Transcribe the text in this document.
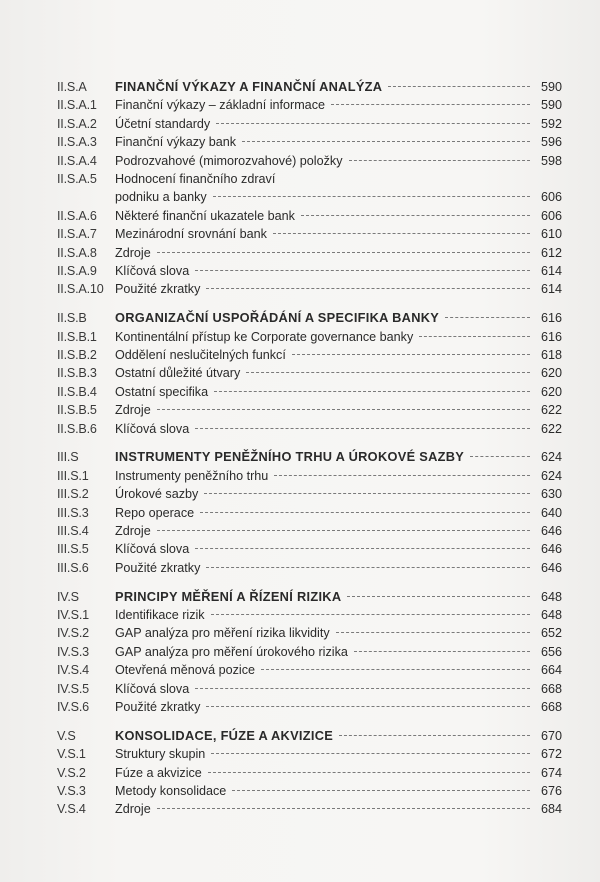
II.S.A FINANČNÍ VÝKAZY A FINANČNÍ ANALÝZA	590
II.S.A.1 Finanční výkazy – základní informace	590
II.S.A.2 Účetní standardy	592
II.S.A.3 Finanční výkazy bank	596
II.S.A.4 Podrozvahové (mimorozvahové) položky	598
II.S.A.5 Hodnocení finančního zdraví
podniku a banky	606
II.S.A.6 Některé finanční ukazatele bank	606
II.S.A.7 Mezinárodní srovnání bank	610
II.S.A.8 Zdroje	612
II.S.A.9 Klíčová slova	614
II.S.A.10 Použité zkratky	614
II.S.B ORGANIZAČNÍ USPOŘÁDÁNÍ A SPECIFIKA BANKY	616
II.S.B.1 Kontinentální přístup ke Corporate governance banky	616
II.S.B.2 Oddělení neslučitelných funkcí	618
II.S.B.3 Ostatní důležité útvary	620
II.S.B.4 Ostatní specifika	620
II.S.B.5 Zdroje	622
II.S.B.6 Klíčová slova	622
III.S	INSTRUMENTY PENĚŽNÍHO TRHU A ÚROKOVÉ SAZBY	624
III.S.1 Instrumenty peněžního trhu	624
III.S.2 Úrokové sazby	630
III.S.3 Repo operace	640
III.S.4 Zdroje	646
III.S.5 Klíčová slova	646
III.S.6 Použité zkratky	646
IV.S	PRINCIPY MĚŘENÍ A ŘÍZENÍ RIZIKA	648
IV.S.1 Identifikace rizik	648
IV.S.2 GAP analýza pro měření rizika likvidity	652
IV.S.3 GAP analýza pro měření úrokového rizika	656
IV.S.4 Otevřená měnová pozice	664
IV.S.5 Klíčová slova	668
IV.S.6 Použité zkratky	668
V.S	KONSOLIDACE, FÚZE A AKVIZICE	670
V.S.1 Struktury skupin	672
V.S.2 Fúze a akvizice	674
V.S.3 Metody konsolidace	676
V.S.4 Zdroje	684
